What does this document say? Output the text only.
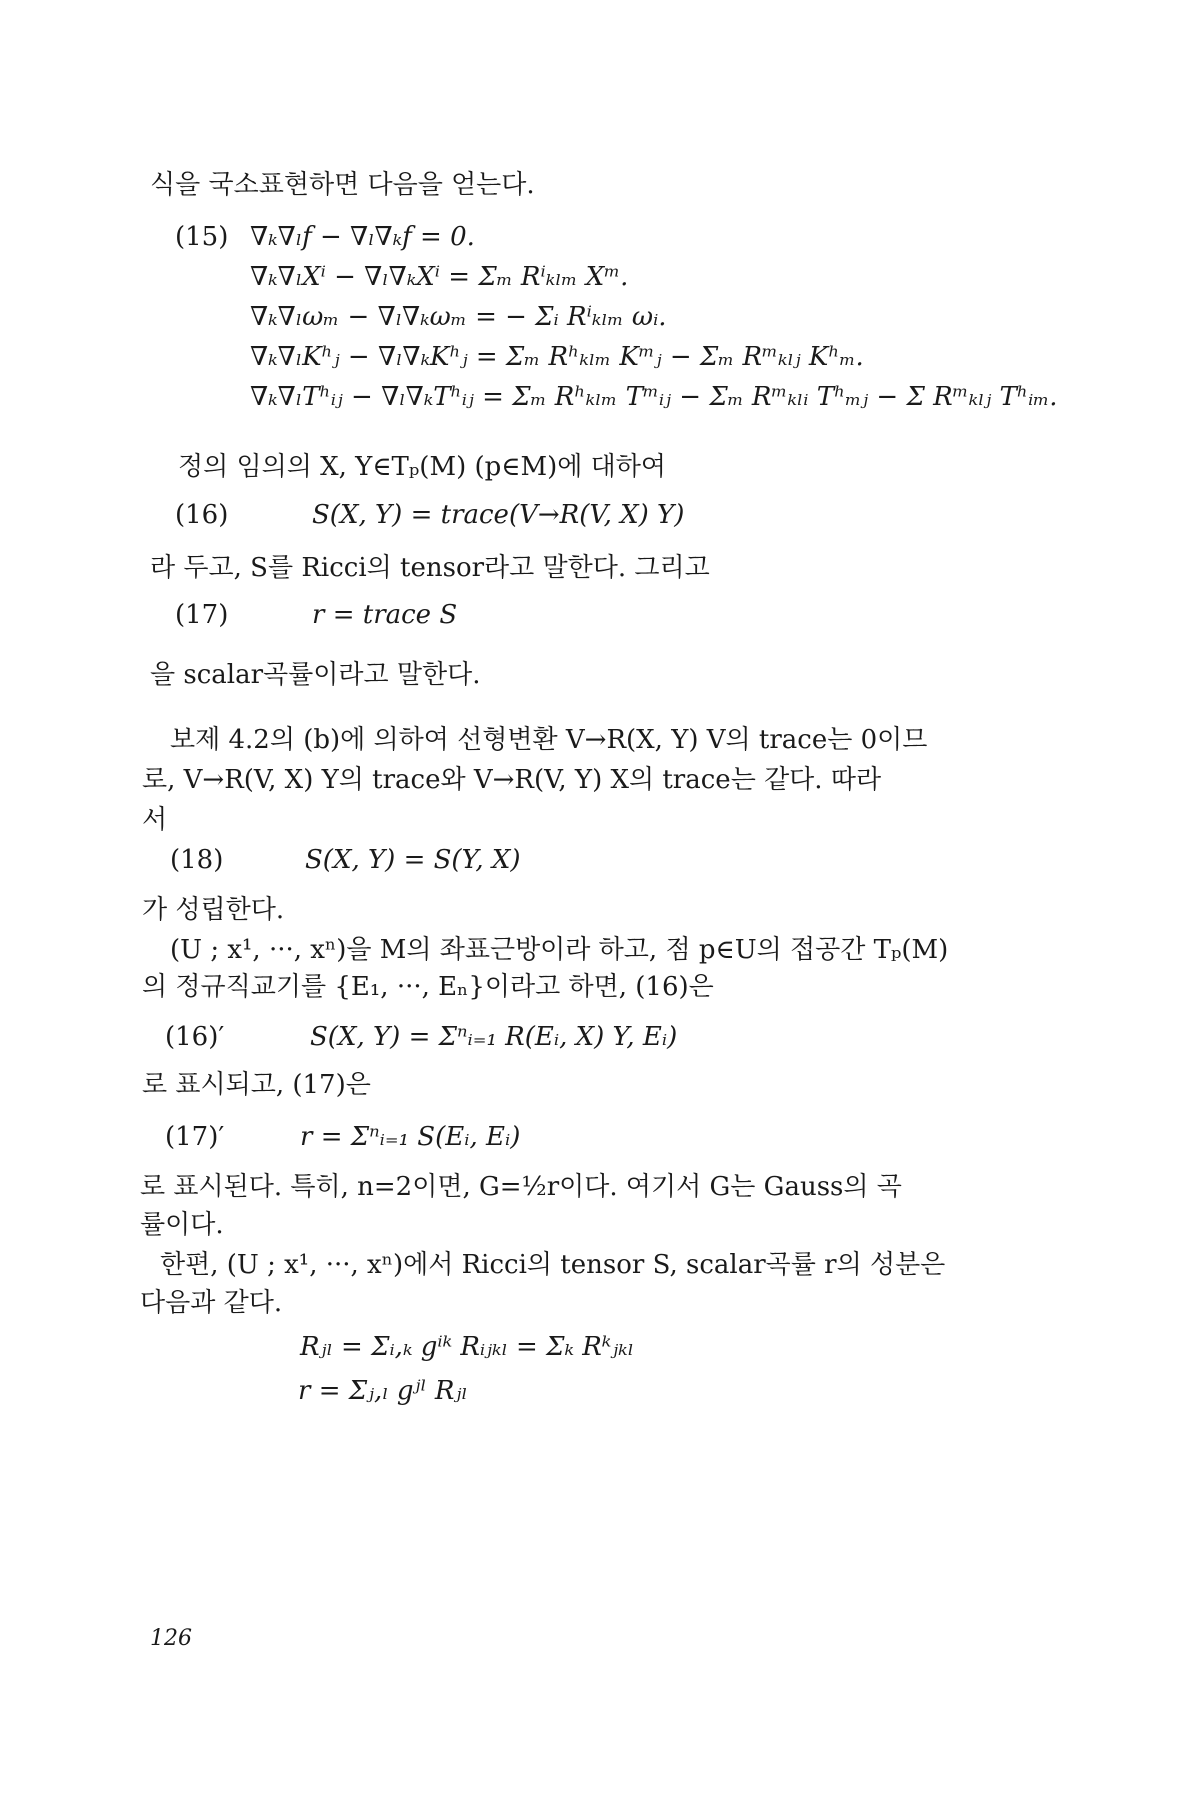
식을 국소표현하면 다음을 얻는다.
(15) ∇ₖ∇ₗf − ∇ₗ∇ₖf = 0.
∇ₖ∇ₗXⁱ − ∇ₗ∇ₖXⁱ = Σₘ Rⁱₖₗₘ Xᵐ.
∇ₖ∇ₗωₘ − ∇ₗ∇ₖωₘ = − Σᵢ Rⁱₖₗₘ ωᵢ.
∇ₖ∇ₗKʰⱼ − ∇ₗ∇ₖKʰⱼ = Σₘ Rʰₖₗₘ Kᵐⱼ − Σₘ Rᵐₖₗⱼ Kʰₘ.
∇ₖ∇ₗTʰᵢⱼ − ∇ₗ∇ₖTʰᵢⱼ = Σₘ Rʰₖₗₘ Tᵐᵢⱼ − Σₘ Rᵐₖₗᵢ Tʰₘⱼ − Σ Rᵐₖₗⱼ Tʰᵢₘ.
정의 임의의 X, Y∈Tₚ(M) (p∈M)에 대하여
(16)	S(X, Y) = trace(V→R(V, X) Y)
라 두고, S를 Ricci의 tensor라고 말한다. 그리고
(17)	r = trace S
을 scalar곡률이라고 말한다.
보제 4.2의 (b)에 의하여 선형변환 V→R(X, Y) V의 trace는 0이므
로, V→R(V, X) Y의 trace와 V→R(V, Y) X의 trace는 같다. 따라
서
(18)	S(X, Y) = S(Y, X)
가 성립한다.
(U ; x¹, ···, xⁿ)을 M의 좌표근방이라 하고, 점 p∈U의 접공간 Tₚ(M)
의 정규직교기를 {E₁, ···, Eₙ}이라고 하면, (16)은
(16)′	S(X, Y) = Σⁿᵢ₌₁ R(Eᵢ, X) Y, Eᵢ)
로 표시되고, (17)은
(17)′	r = Σⁿᵢ₌₁ S(Eᵢ, Eᵢ)
로 표시된다. 특히, n=2이면, G=½r이다. 여기서 G는 Gauss의 곡
률이다.
한편, (U ; x¹, ···, xⁿ)에서 Ricci의 tensor S, scalar곡률 r의 성분은
다음과 같다.
Rⱼₗ = Σᵢ,ₖ gⁱᵏ Rᵢⱼₖₗ = Σₖ Rᵏⱼₖₗ
r = Σⱼ,ₗ gʲˡ Rⱼₗ
126
